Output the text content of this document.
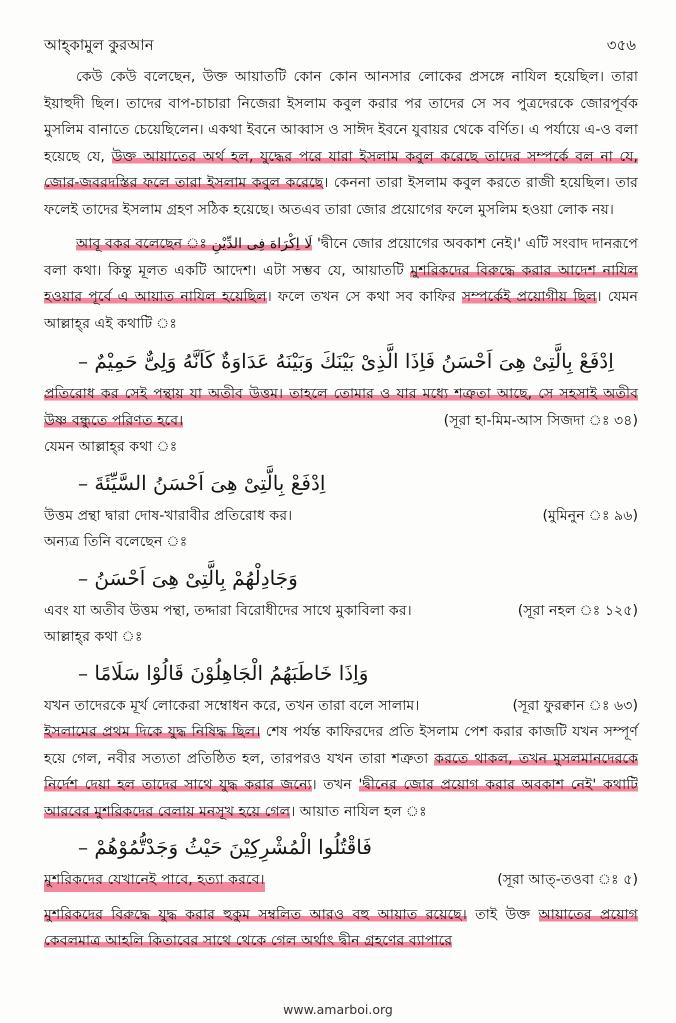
আহ্‌কামুল কুরআন	৩৫৬

কেউ কেউ বলেছেন, উক্ত আয়াতটি কোন কোন আনসার লোকের প্রসঙ্গে নাযিল হয়েছিল। তারা ইয়াহুদী ছিল। তাদের বাপ-চাচারা নিজেরা ইসলাম কবুল করার পর তাদের সে সব পুত্রদেরকে জোরপূর্বক মুসলিম বানাতে চেয়েছিলেন। একথা ইবনে আব্বাস ও সাঈদ ইবনে যুবায়র থেকে বর্ণিত। এ পর্যায়ে এ-ও বলা হয়েছে যে, উক্ত আয়াতের অর্থ হল, যুদ্ধের পরে যারা ইসলাম কবুল করেছে তাদের সম্পর্কে বল না যে, জোর-জবরদস্তির ফলে তারা ইসলাম কবুল করেছে। কেননা তারা ইসলাম কবুল করতে রাজী হয়েছিল। তার ফলেই তাদের ইসলাম গ্রহণ সঠিক হয়েছে। অতএব তারা জোর প্রয়োগের ফলে মুসলিম হওয়া লোক নয়।

আবূ বকর বলেছেন ঃ لَا اِكْرَاهَ فِى الدِّيْنِ 'দ্বীনে জোর প্রয়োগের অবকাশ নেই।' এটি সংবাদ দানরূপে বলা কথা। কিন্তু মূলত একটি আদেশ। এটা সম্ভব যে, আয়াতটি মুশরিকদের বিরুদ্ধে করার আদেশ নাযিল হওয়ার পূর্বে এ আয়াত নাযিল হয়েছিল। ফলে তখন সে কথা সব কাফির সম্পর্কেই প্রয়োগীয় ছিল। যেমন আল্লাহ্‌র এই কথাটি ঃ

اِدْفَعْ بِالَّتِىْ هِىَ اَحْسَنُ فَاِذَا الَّذِىْ بَيْنَكَ وَبَيْنَهُ عَدَاوَةٌ كَاَنَّهُ وَلِىٌّ حَمِيْمٌ –

প্রতিরোধ কর সেই পন্থায় যা অতীব উত্তম। তাহলে তোমার ও যার মধ্যে শত্রুতা আছে, সে সহসাই অতীব উষ্ণ বন্ধুতে পরিণত হবে।	(সূরা হা-মিম-আস সিজদা ঃ ৩৪)

যেমন আল্লাহ্‌র কথা ঃ

اِدْفَعْ بِالَّتِىْ هِىَ اَحْسَنُ السَّيِّئَةَ –
উত্তম প্রন্থা দ্বারা দোষ-খারাবীর প্রতিরোধ কর।	(মুমিনুন ঃ ৯৬)

অন্যত্র তিনি বলেছেন ঃ

وَجَادِلْهُمْ بِالَّتِىْ هِىَ اَحْسَنُ –
এবং যা অতীব উত্তম পন্থা, তদ্দারা বিরোধীদের সাথে মুকাবিলা কর।	(সূরা নহল ঃ ১২৫)

আল্লাহ্‌র কথা ঃ

وَاِذَا خَاطَبَهُمُ الْجَاهِلُوْنَ قَالُوْا سَلَامًا –
যখন তাদেরকে মূর্খ লোকেরা সম্বোধন করে, তখন তারা বলে সালাম।	(সূরা ফুরক্বান ঃ ৬৩)

ইসলামের প্রথম দিকে যুদ্ধ নিষিদ্ধ ছিল। শেষ পর্যন্ত কাফিরদের প্রতি ইসলাম পেশ করার কাজটি যখন সম্পূর্ণ হয়ে গেল, নবীর সত্যতা প্রতিষ্ঠিত হল, তারপরও যখন তারা শত্রুতা করতে থাকল, তখন মুসলমানদেরকে নির্দেশ দেয়া হল তাদের সাথে যুদ্ধ করার জন্যে। তখন 'দ্বীনের জোর প্রয়োগ করার অবকাশ নেই' কথাটি আরবের মুশরিকদের বেলায় মনসূখ হয়ে গেল। আয়াত নাযিল হল ঃ

فَاقْتُلُوا الْمُشْرِكِيْنَ حَيْثُ وَجَدْتُّمُوْهُمْ –
মুশরিকদের যেখানেই পাবে, হত্যা করবে।	(সূরা আত্‌-তওবা ঃ ৫)

মুশরিকদের বিরুদ্ধে যুদ্ধ করার হুকুম সম্বলিত আরও বহু আয়াত রয়েছে। তাই উক্ত আয়াতের প্রয়োগ কেবলমাত্র আহলি কিতাবের সাথে থেকে গেল অর্থাৎ দ্বীন গ্রহণের ব্যাপারে

www.amarboi.org
